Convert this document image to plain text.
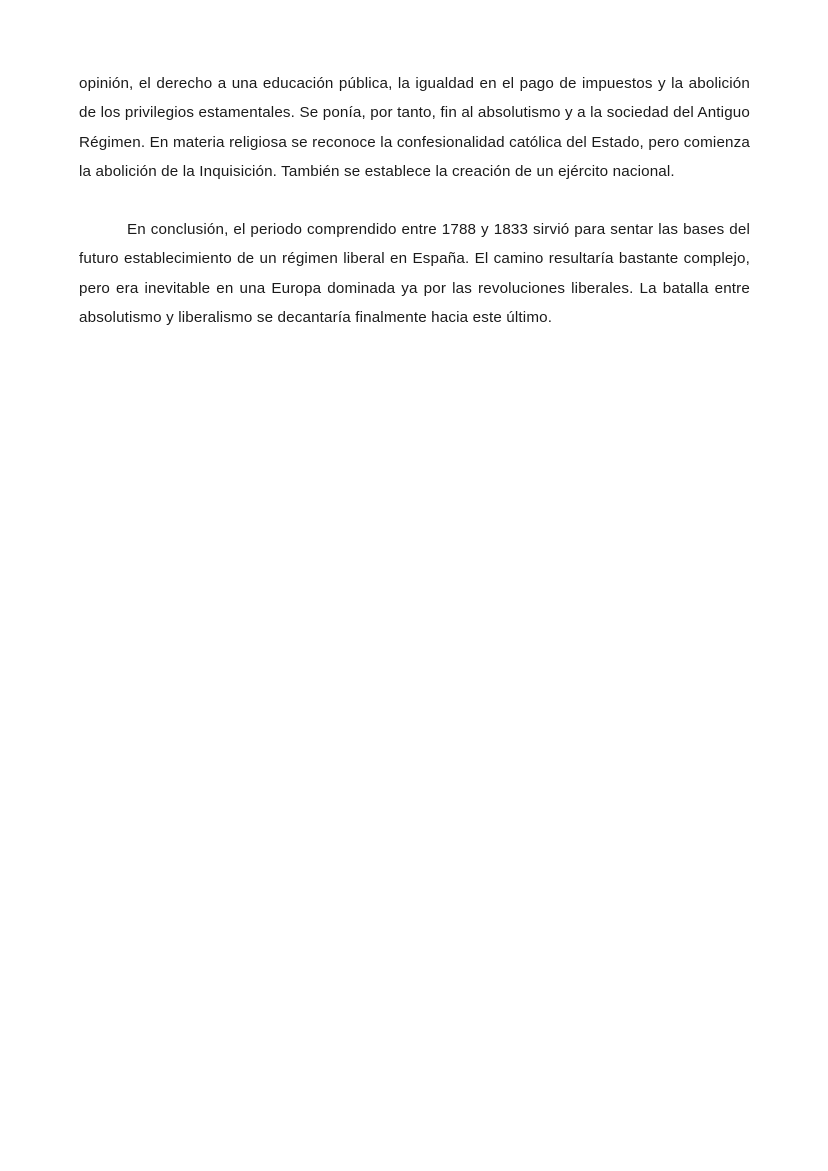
opinión, el derecho a una educación pública, la igualdad en el pago de impuestos y la abolición de los privilegios estamentales. Se ponía, por tanto, fin al absolutismo y a la sociedad del Antiguo Régimen. En materia religiosa se reconoce la confesionalidad católica del Estado, pero comienza la abolición de la Inquisición. También se establece la creación de un ejército nacional.

En conclusión, el periodo comprendido entre 1788 y 1833 sirvió para sentar las bases del futuro establecimiento de un régimen liberal en España. El camino resultaría bastante complejo, pero era inevitable en una Europa dominada ya por las revoluciones liberales. La batalla entre absolutismo y liberalismo se decantaría finalmente hacia este último.
